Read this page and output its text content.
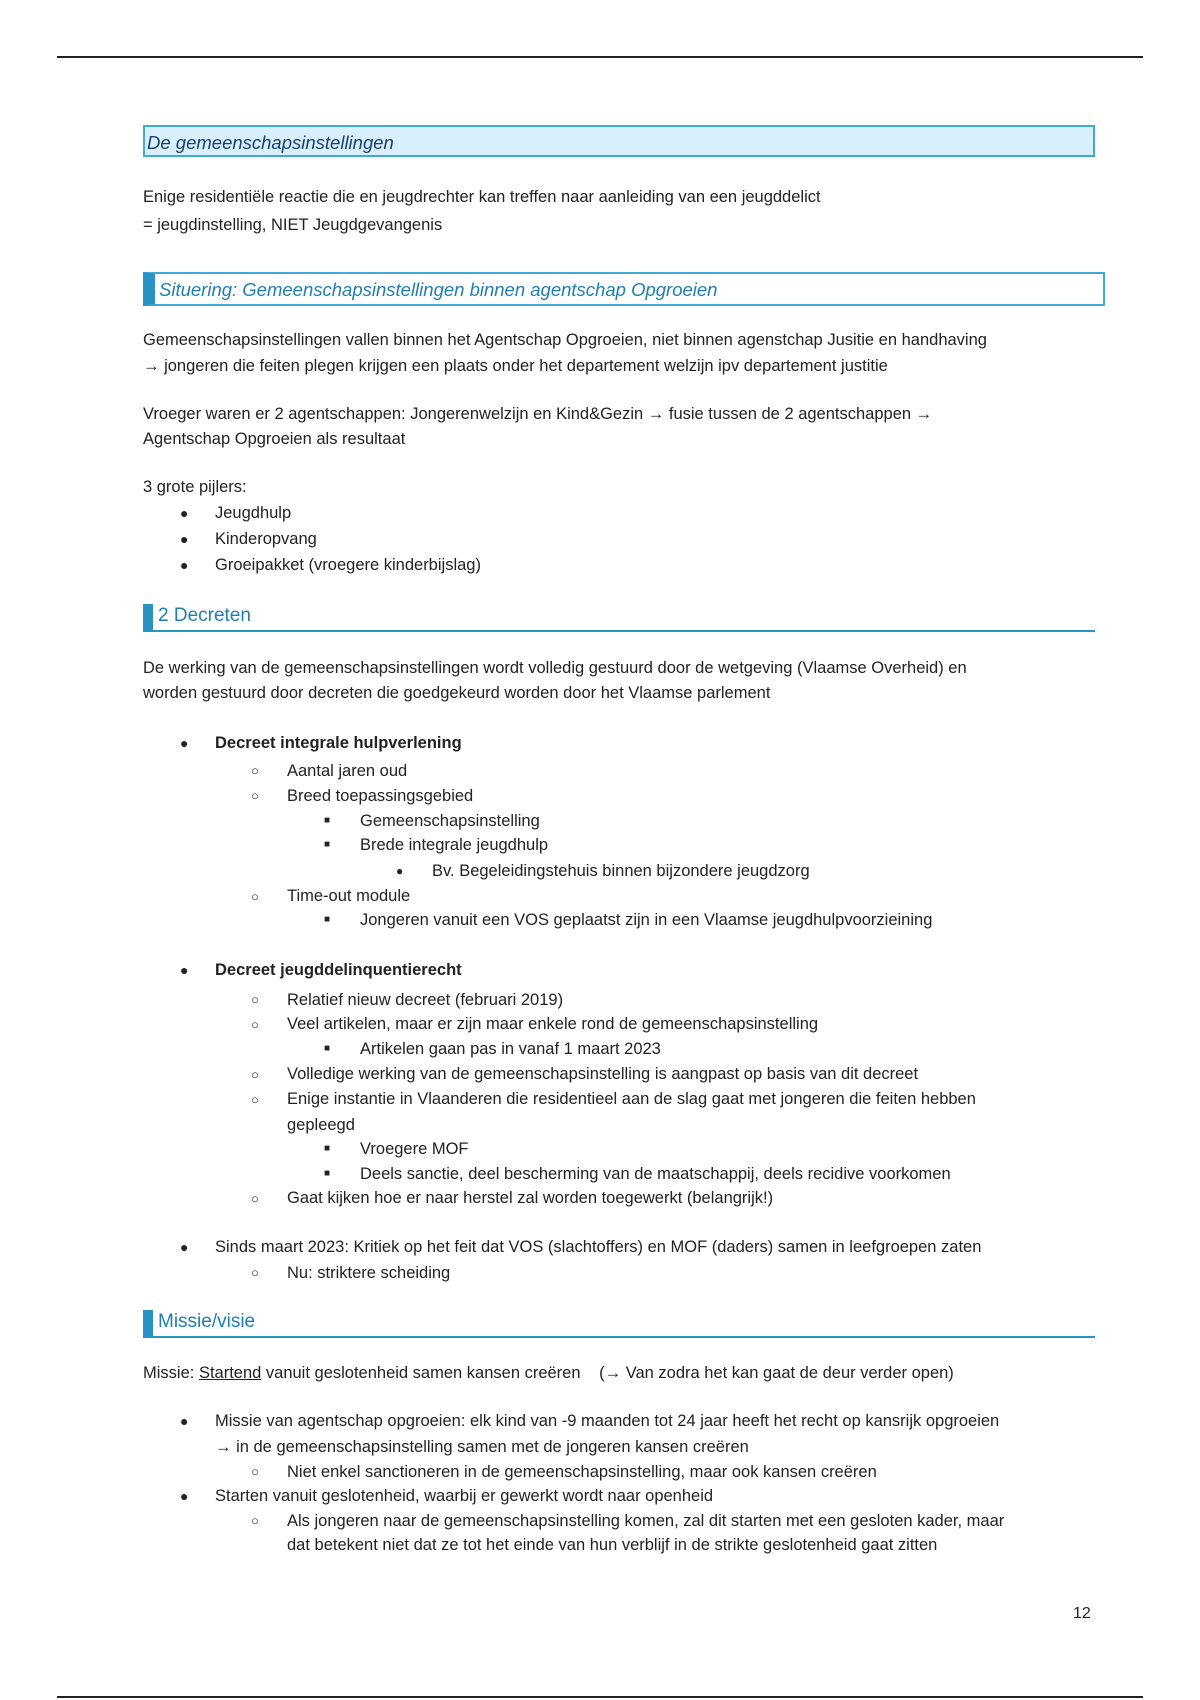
De gemeenschapsinstellingen
Enige residentiële reactie die en jeugdrechter kan treffen naar aanleiding van een jeugddelict
= jeugdinstelling, NIET Jeugdgevangenis
Situering: Gemeenschapsinstellingen binnen agentschap Opgroeien
Gemeenschapsinstellingen vallen binnen het Agentschap Opgroeien, niet binnen agenstchap Jusitie en handhaving
→ jongeren die feiten plegen krijgen een plaats onder het departement welzijn ipv departement justitie
Vroeger waren er 2 agentschappen: Jongerenwelzijn en Kind&Gezin → fusie tussen de 2 agentschappen →
Agentschap Opgroeien als resultaat
3 grote pijlers:
● Jeugdhulp
● Kinderopvang
● Groeipakket (vroegere kinderbijslag)
2 Decreten
De werking van de gemeenschapsinstellingen wordt volledig gestuurd door de wetgeving (Vlaamse Overheid) en
worden gestuurd door decreten die goedgekeurd worden door het Vlaamse parlement
● Decreet integrale hulpverlening
○ Aantal jaren oud
○ Breed toepassingsgebied
■ Gemeenschapsinstelling
■ Brede integrale jeugdhulp
● Bv. Begeleidingstehuis binnen bijzondere jeugdzorg
○ Time-out module
■ Jongeren vanuit een VOS geplaatst zijn in een Vlaamse jeugdhulpvoorzieining
● Decreet jeugddelinquentierecht
○ Relatief nieuw decreet (februari 2019)
○ Veel artikelen, maar er zijn maar enkele rond de gemeenschapsinstelling
■ Artikelen gaan pas in vanaf 1 maart 2023
○ Volledige werking van de gemeenschapsinstelling is aangpast op basis van dit decreet
○ Enige instantie in Vlaanderen die residentieel aan de slag gaat met jongeren die feiten hebben
gepleegd
■ Vroegere MOF
■ Deels sanctie, deel bescherming van de maatschappij, deels recidive voorkomen
○ Gaat kijken hoe er naar herstel zal worden toegewerkt (belangrijk!)
● Sinds maart 2023: Kritiek op het feit dat VOS (slachtoffers) en MOF (daders) samen in leefgroepen zaten
○ Nu: striktere scheiding
Missie/visie
Missie: Startend vanuit geslotenheid samen kansen creëren (→ Van zodra het kan gaat de deur verder open)
● Missie van agentschap opgroeien: elk kind van -9 maanden tot 24 jaar heeft het recht op kansrijk opgroeien
→ in de gemeenschapsinstelling samen met de jongeren kansen creëren
○ Niet enkel sanctioneren in de gemeenschapsinstelling, maar ook kansen creëren
● Starten vanuit geslotenheid, waarbij er gewerkt wordt naar openheid
○ Als jongeren naar de gemeenschapsinstelling komen, zal dit starten met een gesloten kader, maar
dat betekent niet dat ze tot het einde van hun verblijf in de strikte geslotenheid gaat zitten
12
